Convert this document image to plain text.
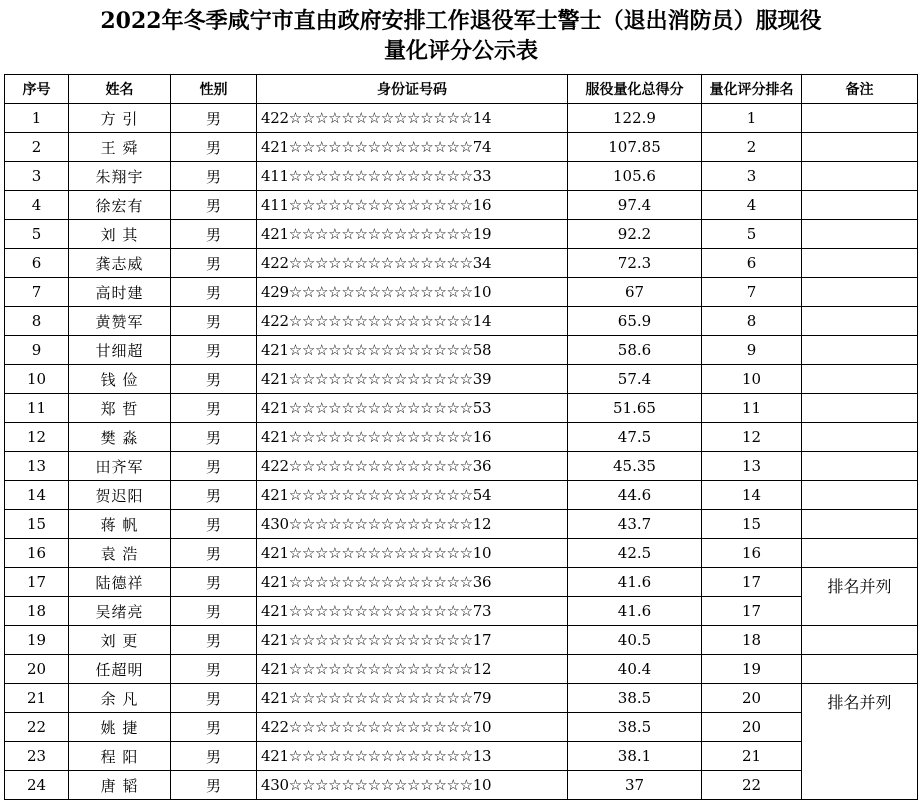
2022年冬季咸宁市直由政府安排工作退役军士警士（退出消防员）服现役
量化评分公示表
序号	姓名	性别	身份证号码	服役量化总得分	量化评分排名	备注
1	方 引	男	422☆☆☆☆☆☆☆☆☆☆☆☆☆☆14	122.9	1	
2	王 舜	男	421☆☆☆☆☆☆☆☆☆☆☆☆☆☆74	107.85	2	
3	朱翔宇	男	411☆☆☆☆☆☆☆☆☆☆☆☆☆☆33	105.6	3	
4	徐宏有	男	411☆☆☆☆☆☆☆☆☆☆☆☆☆☆16	97.4	4	
5	刘 其	男	421☆☆☆☆☆☆☆☆☆☆☆☆☆☆19	92.2	5	
6	龚志威	男	422☆☆☆☆☆☆☆☆☆☆☆☆☆☆34	72.3	6	
7	高时建	男	429☆☆☆☆☆☆☆☆☆☆☆☆☆☆10	67	7	
8	黄赞军	男	422☆☆☆☆☆☆☆☆☆☆☆☆☆☆14	65.9	8	
9	甘细超	男	421☆☆☆☆☆☆☆☆☆☆☆☆☆☆58	58.6	9	
10	钱 俭	男	421☆☆☆☆☆☆☆☆☆☆☆☆☆☆39	57.4	10	
11	郑 哲	男	421☆☆☆☆☆☆☆☆☆☆☆☆☆☆53	51.65	11	
12	樊 淼	男	421☆☆☆☆☆☆☆☆☆☆☆☆☆☆16	47.5	12	
13	田齐军	男	422☆☆☆☆☆☆☆☆☆☆☆☆☆☆36	45.35	13	
14	贺迟阳	男	421☆☆☆☆☆☆☆☆☆☆☆☆☆☆54	44.6	14	
15	蒋 帆	男	430☆☆☆☆☆☆☆☆☆☆☆☆☆☆12	43.7	15	
16	袁 浩	男	421☆☆☆☆☆☆☆☆☆☆☆☆☆☆10	42.5	16	
17	陆德祥	男	421☆☆☆☆☆☆☆☆☆☆☆☆☆☆36	41.6	17	排名并列
18	吴绪亮	男	421☆☆☆☆☆☆☆☆☆☆☆☆☆☆73	41.6	17	
19	刘 更	男	421☆☆☆☆☆☆☆☆☆☆☆☆☆☆17	40.5	18	
20	任超明	男	421☆☆☆☆☆☆☆☆☆☆☆☆☆☆12	40.4	19	
21	余 凡	男	421☆☆☆☆☆☆☆☆☆☆☆☆☆☆79	38.5	20	排名并列
22	姚 捷	男	422☆☆☆☆☆☆☆☆☆☆☆☆☆☆10	38.5	20	
23	程 阳	男	421☆☆☆☆☆☆☆☆☆☆☆☆☆☆13	38.1	21	
24	唐 韬	男	430☆☆☆☆☆☆☆☆☆☆☆☆☆☆10	37	22	
